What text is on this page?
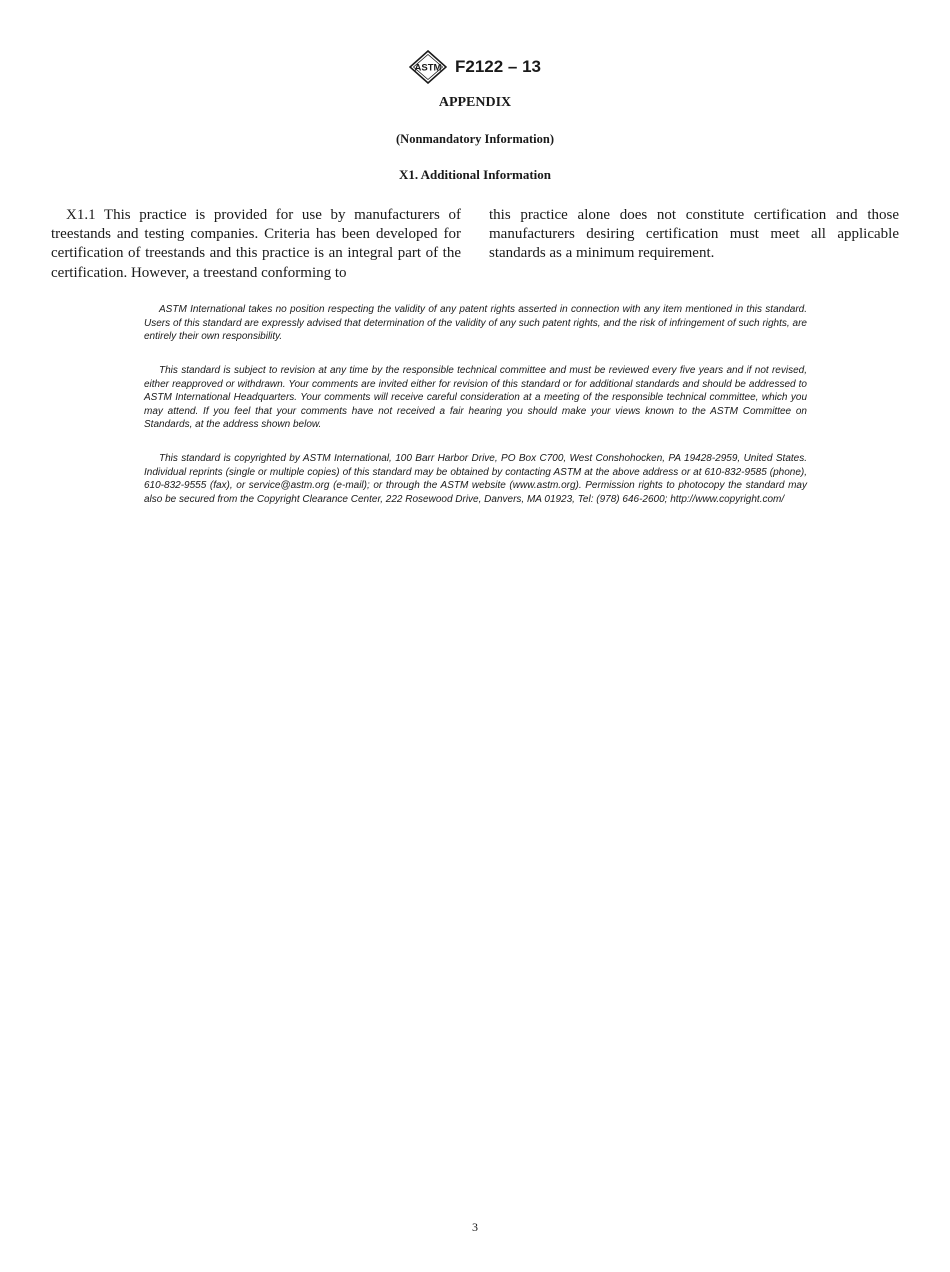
ASTM F2122 – 13
APPENDIX
(Nonmandatory Information)
X1. Additional Information

X1.1 This practice is provided for use by manufacturers of treestands and testing companies. Criteria has been developed for certification of treestands and this practice is an integral part of the certification. However, a treestand conforming to

this practice alone does not constitute certification and those manufacturers desiring certification must meet all applicable standards as a minimum requirement.

ASTM International takes no position respecting the validity of any patent rights asserted in connection with any item mentioned in this standard. Users of this standard are expressly advised that determination of the validity of any such patent rights, and the risk of infringement of such rights, are entirely their own responsibility.

This standard is subject to revision at any time by the responsible technical committee and must be reviewed every five years and if not revised, either reapproved or withdrawn. Your comments are invited either for revision of this standard or for additional standards and should be addressed to ASTM International Headquarters. Your comments will receive careful consideration at a meeting of the responsible technical committee, which you may attend. If you feel that your comments have not received a fair hearing you should make your views known to the ASTM Committee on Standards, at the address shown below.

This standard is copyrighted by ASTM International, 100 Barr Harbor Drive, PO Box C700, West Conshohocken, PA 19428-2959, United States. Individual reprints (single or multiple copies) of this standard may be obtained by contacting ASTM at the above address or at 610-832-9585 (phone), 610-832-9555 (fax), or service@astm.org (e-mail); or through the ASTM website (www.astm.org). Permission rights to photocopy the standard may also be secured from the Copyright Clearance Center, 222 Rosewood Drive, Danvers, MA 01923, Tel: (978) 646-2600; http://www.copyright.com/

3
